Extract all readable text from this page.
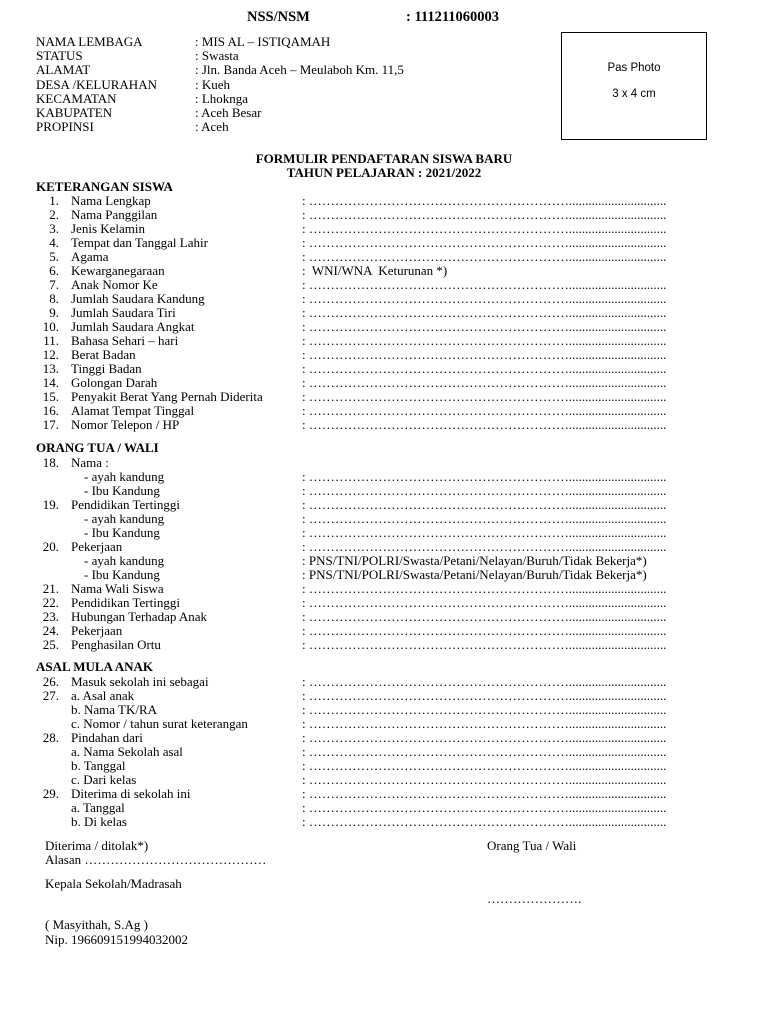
NSS/NSM	: 111211060003
NAMA LEMBAGA	: MIS AL – ISTIQAMAH
STATUS	: Swasta
ALAMAT	: Jln. Banda Aceh – Meulaboh Km. 11,5
DESA /KELURAHAN	: Kueh
KECAMATAN	: Lhoknga
KABUPATEN	: Aceh Besar
PROPINSI	: Aceh
Pas Photo
3 x 4 cm
FORMULIR PENDAFTARAN SISWA BARU
TAHUN PELAJARAN : 2021/2022
KETERANGAN SISWA
ORANG TUA / WALI
ASAL MULA ANAK
1. Nama Lengkap	: ……………………………………………………..............................
2. Nama Panggilan	: ……………………………………………………..............................
3. Jenis Kelamin	: ……………………………………………………..............................
4. Tempat dan Tanggal Lahir	: ……………………………………………………..............................
5. Agama	: ……………………………………………………..............................
6. Kewarganegaraan	:  WNI/WNA  Keturunan *)
7. Anak Nomor Ke	: ……………………………………………………..............................
8. Jumlah Saudara Kandung	: ……………………………………………………..............................
9. Jumlah Saudara Tiri	: ……………………………………………………..............................
10. Jumlah Saudara Angkat	: ……………………………………………………..............................
11. Bahasa Sehari – hari	: ……………………………………………………..............................
12. Berat Badan	: ……………………………………………………..............................
13. Tinggi Badan	: ……………………………………………………..............................
14. Golongan Darah	: ……………………………………………………..............................
15. Penyakit Berat Yang Pernah Diderita	: ……………………………………………………..............................
16. Alamat Tempat Tinggal	: ……………………………………………………..............................
17. Nomor Telepon / HP	: ……………………………………………………..............................
18. Nama :
- ayah kandung	: ……………………………………………………..............................
- Ibu Kandung	: ……………………………………………………..............................
19. Pendidikan Tertinggi	: ……………………………………………………..............................
- ayah kandung	: ……………………………………………………..............................
- Ibu Kandung	: ……………………………………………………..............................
20. Pekerjaan	: ……………………………………………………..............................
- ayah kandung	: PNS/TNI/POLRI/Swasta/Petani/Nelayan/Buruh/Tidak Bekerja*)
- Ibu Kandung	: PNS/TNI/POLRI/Swasta/Petani/Nelayan/Buruh/Tidak Bekerja*)
21. Nama Wali Siswa	: ……………………………………………………..............................
22. Pendidikan Tertinggi	: ……………………………………………………..............................
23. Hubungan Terhadap Anak	: ……………………………………………………..............................
24. Pekerjaan	: ……………………………………………………..............................
25. Penghasilan Ortu	: ……………………………………………………..............................
26. Masuk sekolah ini sebagai	: ……………………………………………………..............................
27. a. Asal anak	: ……………………………………………………..............................
b. Nama TK/RA	: ……………………………………………………..............................
c. Nomor / tahun surat keterangan	: ……………………………………………………..............................
28. Pindahan dari	: ……………………………………………………..............................
a. Nama Sekolah asal	: ……………………………………………………..............................
b. Tanggal	: ……………………………………………………..............................
c. Dari kelas	: ……………………………………………………..............................
29. Diterima di sekolah ini	: ……………………………………………………..............................
a. Tanggal	: ……………………………………………………..............................
b. Di kelas	: ……………………………………………………..............................
Diterima / ditolak*)
Alasan ……………………………………
Orang Tua / Wali
Kepala Sekolah/Madrasah
………………….
( Masyithah, S.Ag )
Nip. 196609151994032002
